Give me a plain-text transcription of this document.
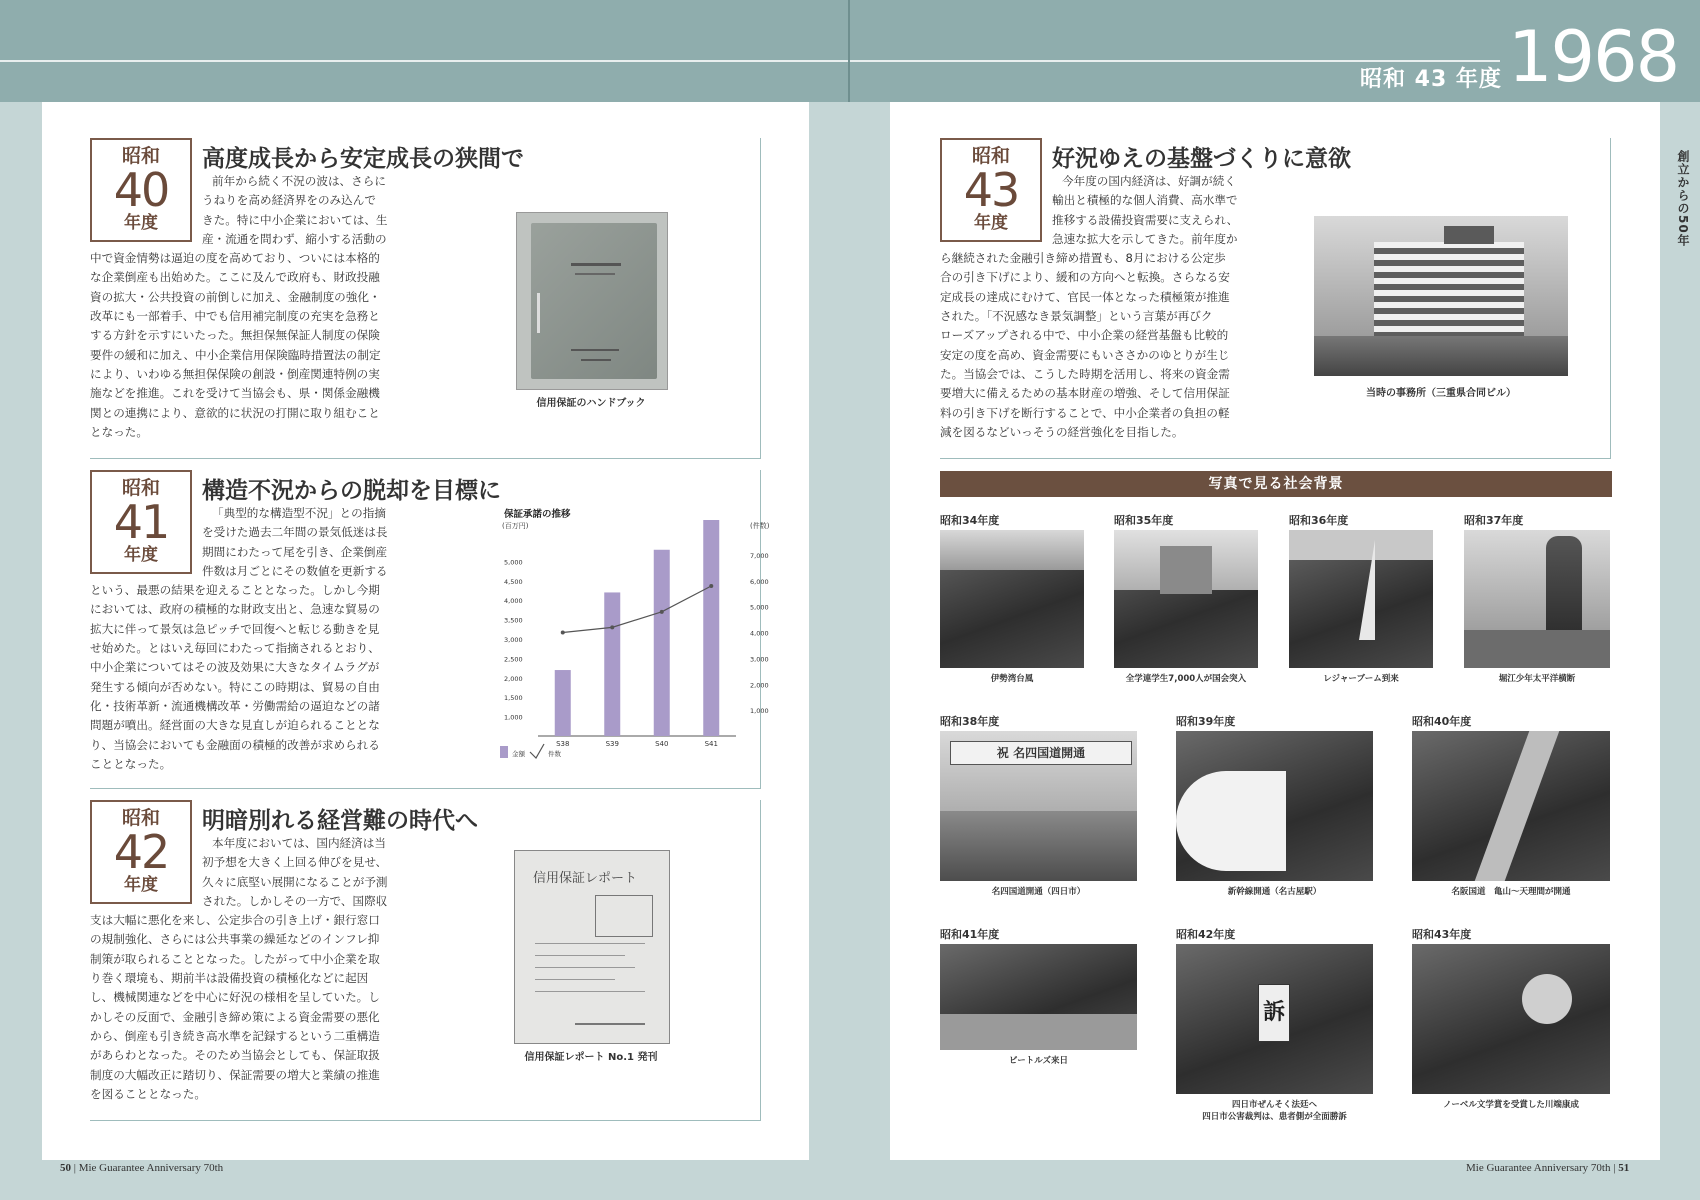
昭和 43 年度 1968
創立からの50年
昭和
40
年度
高度成長から安定成長の狭間で
前年から続く不況の波は、さらに
うねりを高め経済界をのみ込んで
きた。特に中小企業においては、生
産・流通を問わず、縮小する活動の
中で資金情勢は逼迫の度を高めており、ついには本格的
な企業倒産も出始めた。ここに及んで政府も、財政投融
資の拡大・公共投資の前倒しに加え、金融制度の強化・
改革にも一部着手、中でも信用補完制度の充実を急務と
する方針を示すにいたった。無担保無保証人制度の保険
要件の緩和に加え、中小企業信用保険臨時措置法の制定
により、いわゆる無担保保険の創設・倒産関連特例の実
施などを推進。これを受けて当協会も、県・関係金融機
関との連携により、意欲的に状況の打開に取り組むこと
となった。
信用保証のハンドブック
昭和
41
年度
構造不況からの脱却を目標に
「典型的な構造型不況」との指摘
を受けた過去二年間の景気低迷は長
期間にわたって尾を引き、企業倒産
件数は月ごとにその数値を更新する
という、最悪の結果を迎えることとなった。しかし今期
においては、政府の積極的な財政支出と、急速な貿易の
拡大に伴って景気は急ピッチで回復へと転じる動きを見
せ始めた。とはいえ毎回にわたって指摘されるとおり、
中小企業についてはその波及効果に大きなタイムラグが
発生する傾向が否めない。特にこの時期は、貿易の自由
化・技術革新・流通機構改革・労働需給の逼迫などの諸
問題が噴出。経営面の大きな見直しが迫られることとな
り、当協会においても金融面の積極的改善が求められる
こととなった。
保証承諾の推移
(百万円)	(件数)
1,000
1,500
2,000
2,500
3,000
3,500
4,000
4,500
5,000
1,000
2,000
3,000
4,000
5,000
6,000
7,000
S38	S39	S40	S41
金額	件数
昭和
42
年度
明暗別れる経営難の時代へ
本年度においては、国内経済は当
初予想を大きく上回る伸びを見せ、
久々に底堅い展開になることが予測
された。しかしその一方で、国際収
支は大幅に悪化を来し、公定歩合の引き上げ・銀行窓口
の規制強化、さらには公共事業の繰延などのインフレ抑
制策が取られることとなった。したがって中小企業を取
り巻く環境も、期前半は設備投資の積極化などに起因
し、機械関連などを中心に好況の様相を呈していた。し
かしその反面で、金融引き締め策による資金需要の悪化
から、倒産も引き続き高水準を記録するという二重構造
があらわとなった。そのため当協会としても、保証取扱
制度の大幅改正に踏切り、保証需要の増大と業績の推進
を図ることとなった。
信用保証レポート
信用保証レポート No.1 発刊
昭和
43
年度
好況ゆえの基盤づくりに意欲
今年度の国内経済は、好調が続く
輸出と積極的な個人消費、高水準で
推移する設備投資需要に支えられ、
急速な拡大を示してきた。前年度か
ら継続された金融引き締め措置も、8月における公定歩
合の引き下げにより、緩和の方向へと転換。さらなる安
定成長の達成にむけて、官民一体となった積極策が推進
された。「不況感なき景気調整」という言葉が再びク
ローズアップされる中で、中小企業の経営基盤も比較的
安定の度を高め、資金需要にもいささかのゆとりが生じ
た。当協会では、こうした時期を活用し、将来の資金需
要増大に備えるための基本財産の増強、そして信用保証
料の引き下げを断行することで、中小企業者の負担の軽
減を図るなどいっそうの経営強化を目指した。
当時の事務所（三重県合同ビル）
写真で見る社会背景
昭和34年度
伊勢湾台風
昭和35年度
全学連学生7,000人が国会突入
昭和36年度
レジャーブーム到来
昭和37年度
堀江少年太平洋横断
昭和38年度
祝 名四国道開通
名四国道開通（四日市）
昭和39年度
新幹線開通（名古屋駅）
昭和40年度
名阪国道　亀山～天理間が開通
昭和41年度
ビートルズ来日
昭和42年度
訴
四日市ぜんそく法廷へ
四日市公害裁判は、患者側が全面勝訴
昭和43年度
ノーベル文学賞を受賞した川端康成
50 | Mie Guarantee Anniversary 70th	Mie Guarantee Anniversary 70th | 51
